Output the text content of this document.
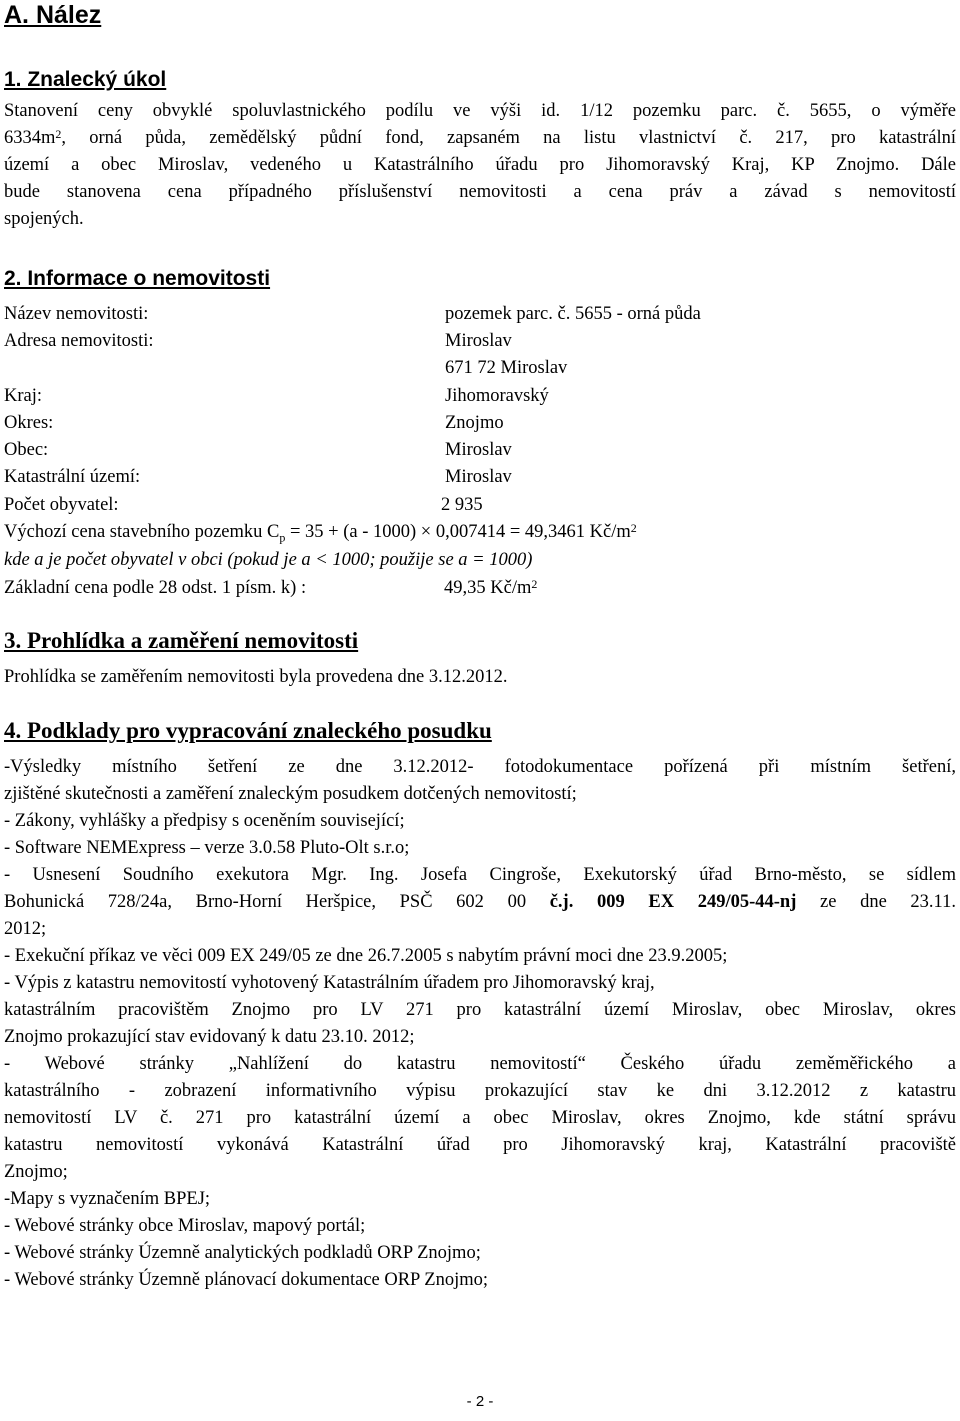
A. Nález
1. Znalecký úkol
Stanovení ceny obvyklé spoluvlastnického podílu ve výši id. 1/12 pozemku parc. č. 5655, o výměře
$6334m^2$, orná půda, zemědělský půdní fond, zapsaném na listu vlastnictví č. 217, pro katastrální
území a obec Miroslav, vedeného u Katastrálního úřadu pro Jihomoravský Kraj, KP Znojmo. Dále
bude stanovena cena případného příslušenství nemovitosti a cena práv a závad s nemovitostí
spojených.
2. Informace o nemovitosti
Název nemovitosti:	pozemek parc. č. 5655 - orná půda
Adresa nemovitosti:	Miroslav
671 72 Miroslav
Kraj:	Jihomoravský
Okres:	Znojmo
Obec:	Miroslav
Katastrální území:	Miroslav
Počet obyvatel:	2 935
Výchozí cena stavebního pozemku $C_p = 35 + (a - 1000) \times 0,007414 = 49,3461$ $Kč/m^2$
kde a je počet obyvatel v obci (pokud je a < 1000; použije se a = 1000)
Základní cena podle 28 odst. 1 písm. k) :	49,35 $Kč/m^2$
3. Prohlídka a zaměření nemovitosti
Prohlídka se zaměřením nemovitosti byla provedena dne 3.12.2012.
4. Podklady pro vypracování znaleckého posudku
-Výsledky místního šetření ze dne 3.12.2012- fotodokumentace pořízená při místním šetření,
zjištěné skutečnosti a zaměření znaleckým posudkem dotčených nemovitostí;
- Zákony, vyhlášky a předpisy s oceněním související;
- Software NEMExpress – verze 3.0.58 Pluto-Olt s.r.o;
- Usnesení Soudního exekutora Mgr. Ing. Josefa Cingroše, Exekutorský úřad Brno-město, se sídlem
Bohunická 728/24a, Brno-Horní Heršpice, PSČ 602 00 č.j. 009 EX 249/05-44-nj ze dne 23.11.
2012;
- Exekuční příkaz ve věci 009 EX 249/05 ze dne 26.7.2005 s nabytím právní moci dne 23.9.2005;
- Výpis z katastru nemovitostí vyhotovený Katastrálním úřadem pro Jihomoravský kraj,
katastrálním pracovištěm Znojmo pro LV 271 pro katastrální území Miroslav, obec Miroslav, okres
Znojmo prokazující stav evidovaný k datu 23.10. 2012;
- Webové stránky „Nahlížení do katastru nemovitostí“ Českého úřadu zeměměřického a
katastrálního - zobrazení informativního výpisu prokazující stav ke dni 3.12.2012 z katastru
nemovitostí LV č. 271 pro katastrální území a obec Miroslav, okres Znojmo, kde státní správu
katastru nemovitostí vykonává Katastrální úřad pro Jihomoravský kraj, Katastrální pracoviště
Znojmo;
-Mapy s vyznačením BPEJ;
- Webové stránky obce Miroslav, mapový portál;
- Webové stránky Územně analytických podkladů ORP Znojmo;
- Webové stránky Územně plánovací dokumentace ORP Znojmo;
- 2 -
